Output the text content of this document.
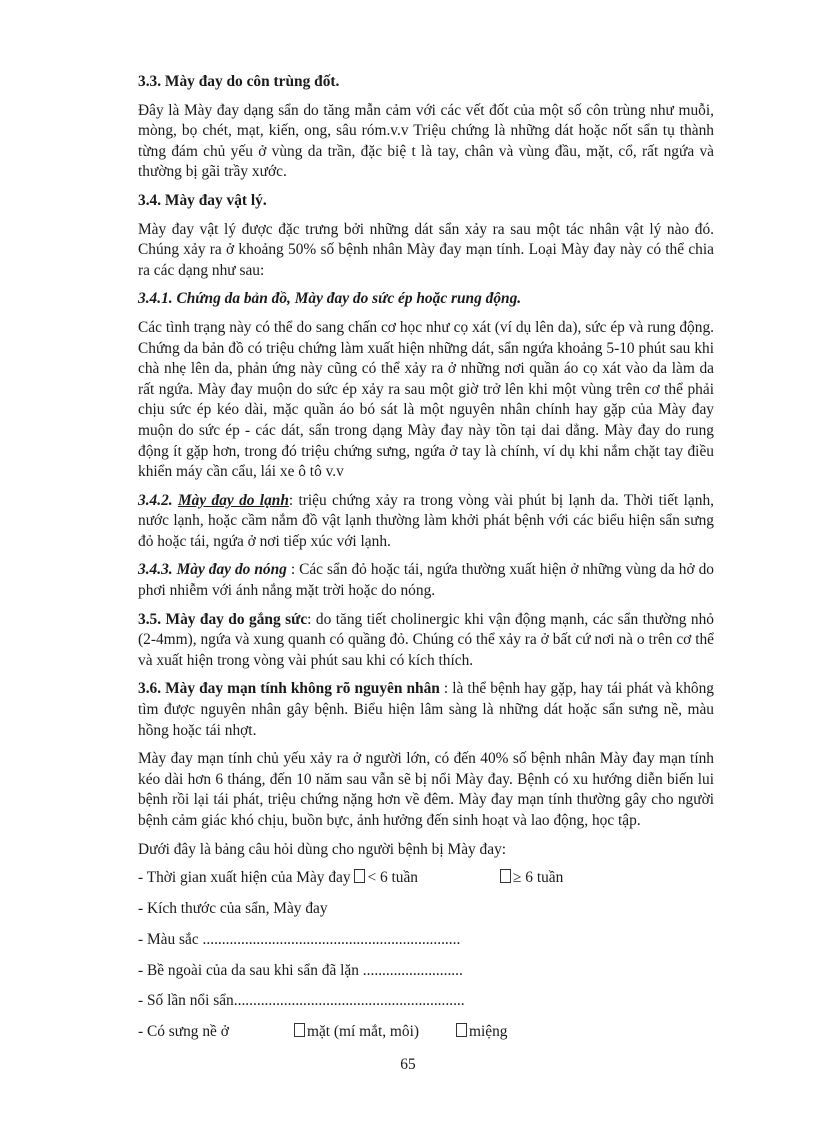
3.3. Mày đay do côn trùng đốt.
Đây là Mày đay dạng sẩn do tăng mẫn cảm với các vết đốt của một số côn trùng như muỗi, mòng, bọ chét, mạt, kiến, ong, sâu róm.v.v Triệu chứng là những dát hoặc nốt sẩn tụ thành từng đám chủ yếu ở vùng da trần, đặc biệ t là tay, chân và vùng đầu, mặt, cổ, rất ngứa và thường bị gãi trầy xước.
3.4. Mày đay vật lý.
Mày đay vật lý được đặc trưng bởi những dát sẩn xảy ra sau một tác nhân vật lý nào đó. Chúng xảy ra ở khoảng 50% số bệnh nhân Mày đay mạn tính. Loại Mày đay này có thể chia ra các dạng như sau:
3.4.1. Chứng da bản đồ, Mày đay do sức ép hoặc rung động.
Các tình trạng này có thể do sang chấn cơ học như cọ xát (ví dụ lên da), sức ép và rung động. Chứng da bản đồ có triệu chứng làm xuất hiện những dát, sẩn ngứa khoảng 5-10 phút sau khi chà nhẹ lên da, phản ứng này cũng có thể xảy ra ở những nơi quần áo cọ xát vào da làm da rất ngứa. Mày đay muộn do sức ép xảy ra sau một giờ trở lên khi một vùng trên cơ thể phải chịu sức ép kéo dài, mặc quần áo bó sát là một nguyên nhân chính hay gặp của Mày đay muộn do sức ép - các dát, sẩn trong dạng Mày đay này tồn tại dai dẳng. Mày đay do rung động ít gặp hơn, trong đó triệu chứng sưng, ngứa ở tay là chính, ví dụ khi nắm chặt tay điều khiển máy cần cẩu, lái xe ô tô v.v
3.4.2. Mày đay do lạnh: triệu chứng xảy ra trong vòng vài phút bị lạnh da. Thời tiết lạnh, nước lạnh, hoặc cầm nắm đồ vật lạnh thường làm khởi phát bệnh với các biểu hiện sẩn sưng đỏ hoặc tái, ngứa ở nơi tiếp xúc với lạnh.
3.4.3. Mày đay do nóng : Các sẩn đỏ hoặc tái, ngứa thường xuất hiện ở những vùng da hở do phơi nhiễm với ánh nắng mặt trời hoặc do nóng.
3.5. Mày đay do gắng sức: do tăng tiết cholinergic khi vận động mạnh, các sẩn thường nhỏ (2-4mm), ngứa và xung quanh có quầng đỏ. Chúng có thể xảy ra ở bất cứ nơi nà o trên cơ thể và xuất hiện trong vòng vài phút sau khi có kích thích.
3.6. Mày đay mạn tính không rõ nguyên nhân : là thể bệnh hay gặp, hay tái phát và không tìm được nguyên nhân gây bệnh. Biểu hiện lâm sàng là những dát hoặc sẩn sưng nề, màu hồng hoặc tái nhợt.
Mày đay mạn tính chủ yếu xảy ra ở người lớn, có đến 40% số bệnh nhân Mày đay mạn tính kéo dài hơn 6 tháng, đến 10 năm sau vẫn sẽ bị nổi Mày đay. Bệnh có xu hướng diễn biến lui bệnh rồi lại tái phát, triệu chứng nặng hơn về đêm. Mày đay mạn tính thường gây cho người bệnh cảm giác khó chịu, buồn bực, ảnh hưởng đến sinh hoạt và lao động, học tập.
Dưới đây là bảng câu hỏi dùng cho người bệnh bị Mày đay:
- Thời gian xuất hiện của Mày đay < 6 tuần	≥ 6 tuần
- Kích thước của sẩn, Mày đay
- Màu sắc ...................................................................
- Bề ngoài của da sau khi sẩn đã lặn ..........................
- Số lần nổi sẩn............................................................
- Có sưng nề ở	mặt (mí mắt, môi)	miệng
65
